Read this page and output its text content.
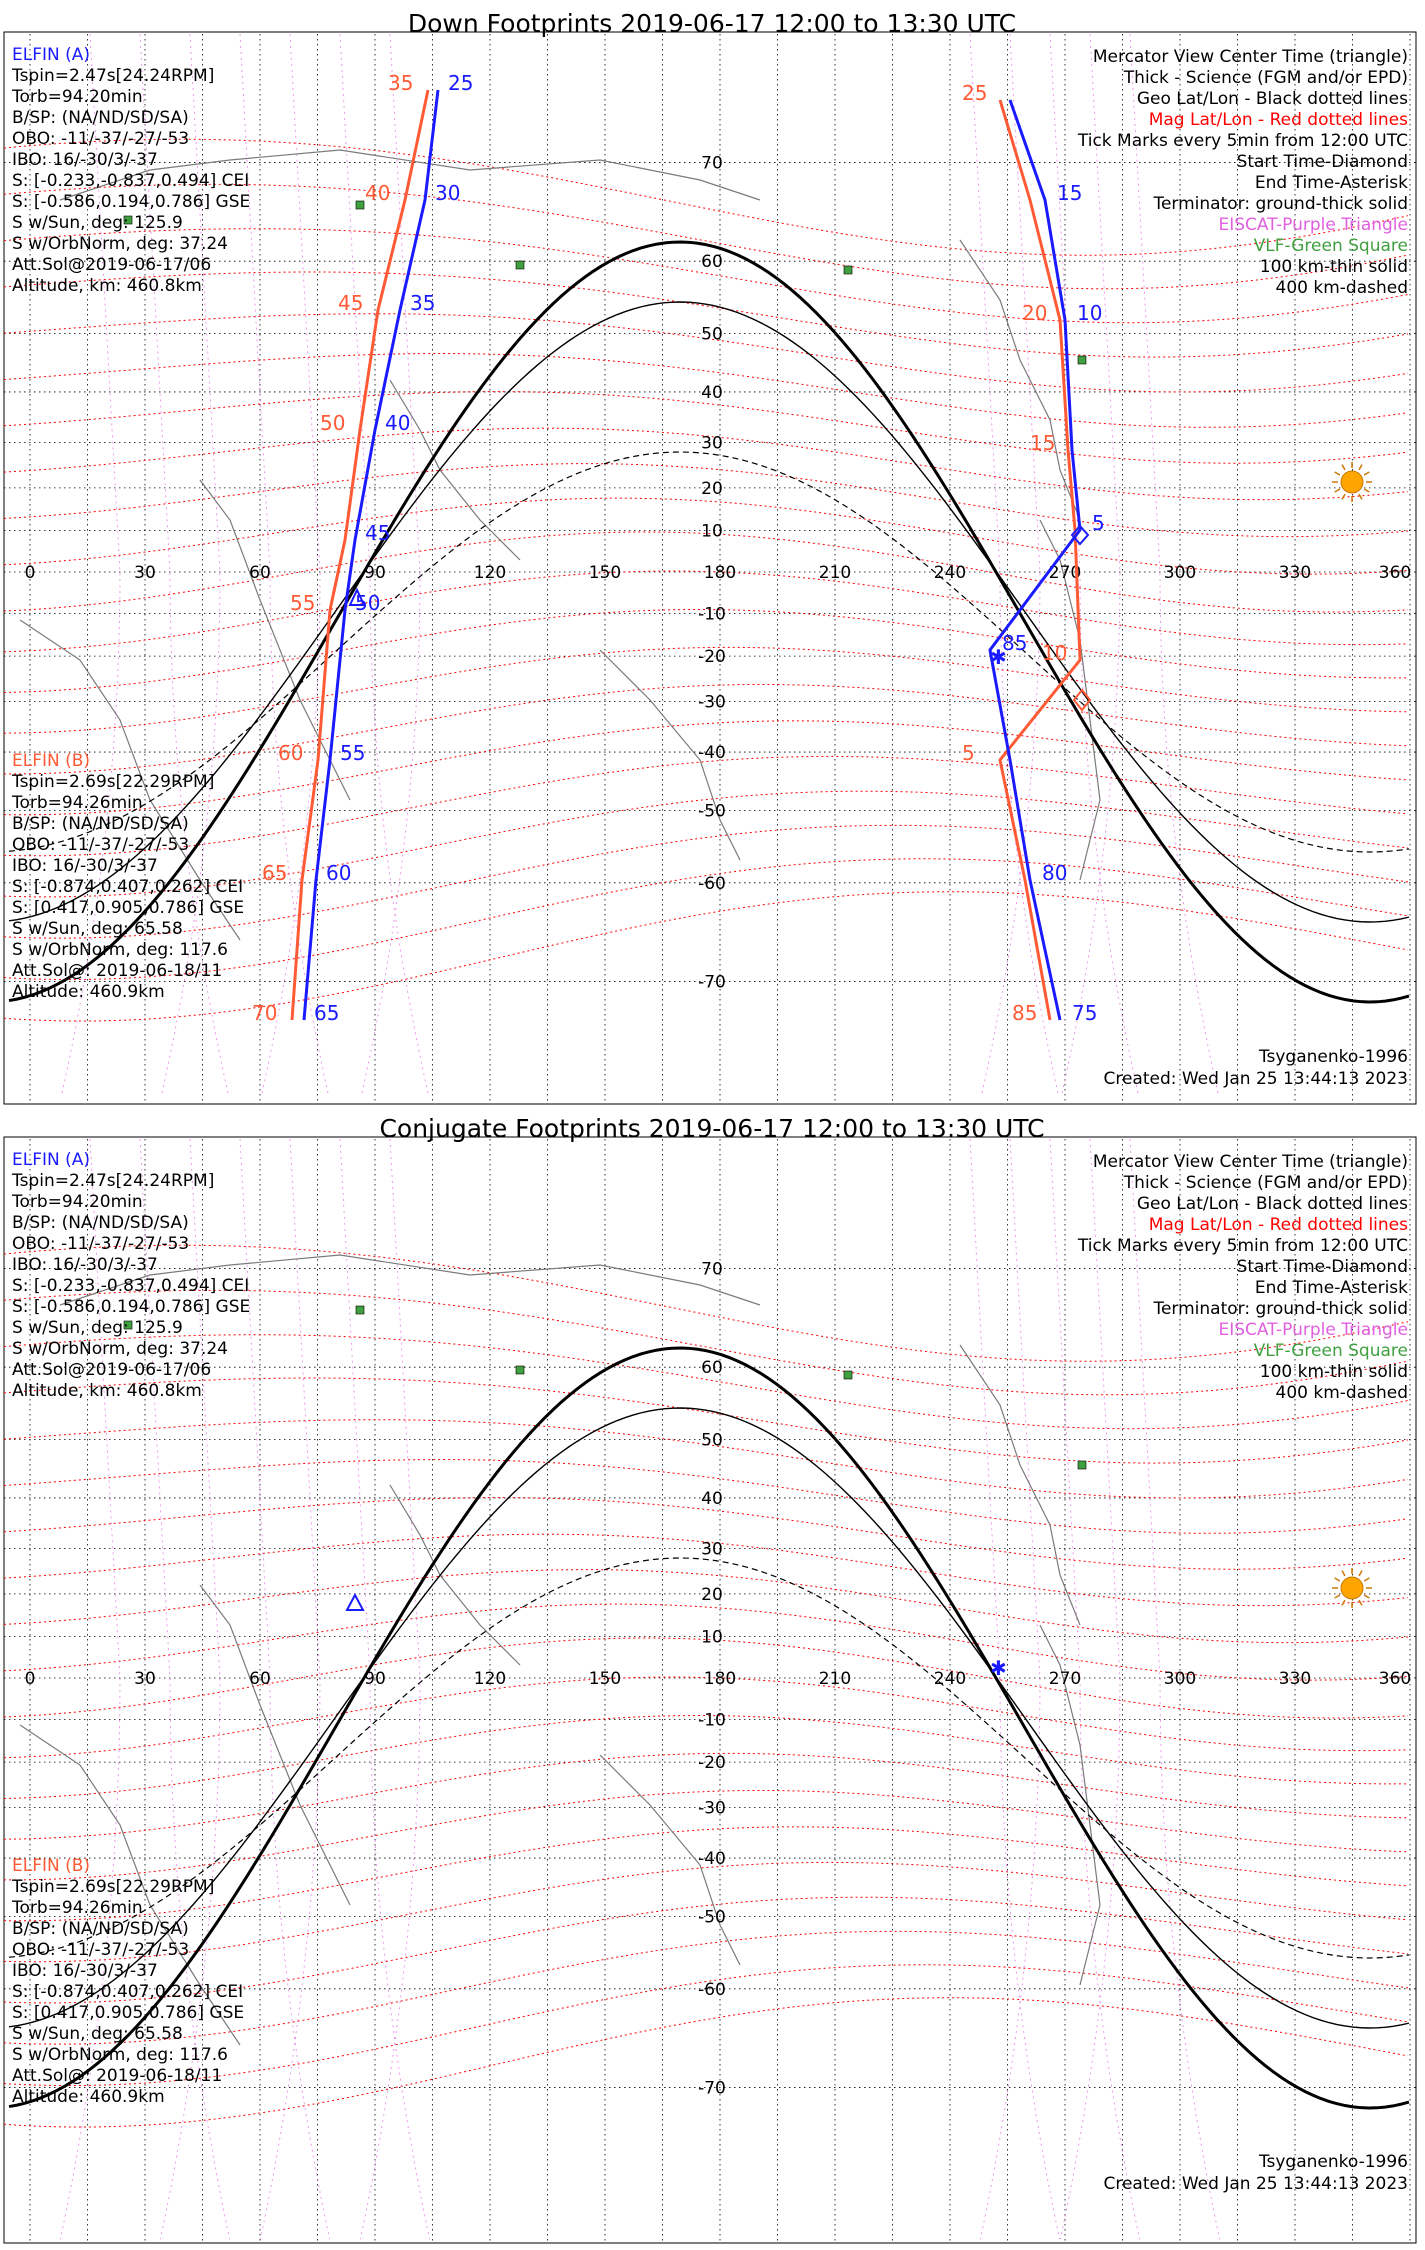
Down Footprints 2019-06-17 12:00 to 13:30 UTC
0	30	60	90	120	150	180	210	240	270	300	330	360
70
60
50
40
30
20
10
-10
-20
-30
-40
-50
-60
-70
25
30
35
40
45
50
55
60
65
35
40
45
50
55
60
65
70
15
10
5
85
80
75
25
20
15
10
5
85
✱
ELFIN (A)
Tspin=2.47s[24.24RPM]
Torb=94.20min
B/SP: (NA/ND/SD/SA)
OBO: -11/-37/-27/-53
IBO: 16/-30/3/-37
S: [-0.233,-0.837,0.494] CEI
S: [-0.586,0.194,0.786] GSE
S w/Sun, deg: 125.9
S w/OrbNorm, deg: 37.24
Att.Sol@2019-06-17/06
Altitude, km: 460.8km
ELFIN (B)
Tspin=2.69s[22.29RPM]
Torb=94.26min
B/SP: (NA/ND/SD/SA)
OBO: -11/-37/-27/-53
IBO: 16/-30/3/-37
S: [-0.874,0.407,0.262] CEI
S: [0.417,0.905,0.786] GSE
S w/Sun, deg: 65.58
S w/OrbNorm, deg: 117.6
Att.Sol@: 2019-06-18/11
Altitude: 460.9km
Mercator View Center Time (triangle)
Thick - Science (FGM and/or EPD)
Geo Lat/Lon - Black dotted lines
Mag Lat/Lon - Red dotted lines
Tick Marks every 5min from 12:00 UTC
Start Time-Diamond
End Time-Asterisk
Terminator: ground-thick solid
EISCAT-Purple Triangle
VLF-Green Square
100 km-thin solid
400 km-dashed
Tsyganenko-1996
Created: Wed Jan 25 13:44:13 2023
Conjugate Footprints 2019-06-17 12:00 to 13:30 UTC
0	30	60	90	120	150	180	210	240	270	300	330	360
70
60
50
40
30
20
10
-10
-20
-30
-40
-50
-60
-70
✱
ELFIN (A)
Tspin=2.47s[24.24RPM]
Torb=94.20min
B/SP: (NA/ND/SD/SA)
OBO: -11/-37/-27/-53
IBO: 16/-30/3/-37
S: [-0.233,-0.837,0.494] CEI
S: [-0.586,0.194,0.786] GSE
S w/Sun, deg: 125.9
S w/OrbNorm, deg: 37.24
Att.Sol@2019-06-17/06
Altitude, km: 460.8km
ELFIN (B)
Tspin=2.69s[22.29RPM]
Torb=94.26min
B/SP: (NA/ND/SD/SA)
OBO: -11/-37/-27/-53
IBO: 16/-30/3/-37
S: [-0.874,0.407,0.262] CEI
S: [0.417,0.905,0.786] GSE
S w/Sun, deg: 65.58
S w/OrbNorm, deg: 117.6
Att.Sol@: 2019-06-18/11
Altitude: 460.9km
Mercator View Center Time (triangle)
Thick - Science (FGM and/or EPD)
Geo Lat/Lon - Black dotted lines
Mag Lat/Lon - Red dotted lines
Tick Marks every 5min from 12:00 UTC
Start Time-Diamond
End Time-Asterisk
Terminator: ground-thick solid
EISCAT-Purple Triangle
VLF-Green Square
100 km-thin solid
400 km-dashed
Tsyganenko-1996
Created: Wed Jan 25 13:44:13 2023
